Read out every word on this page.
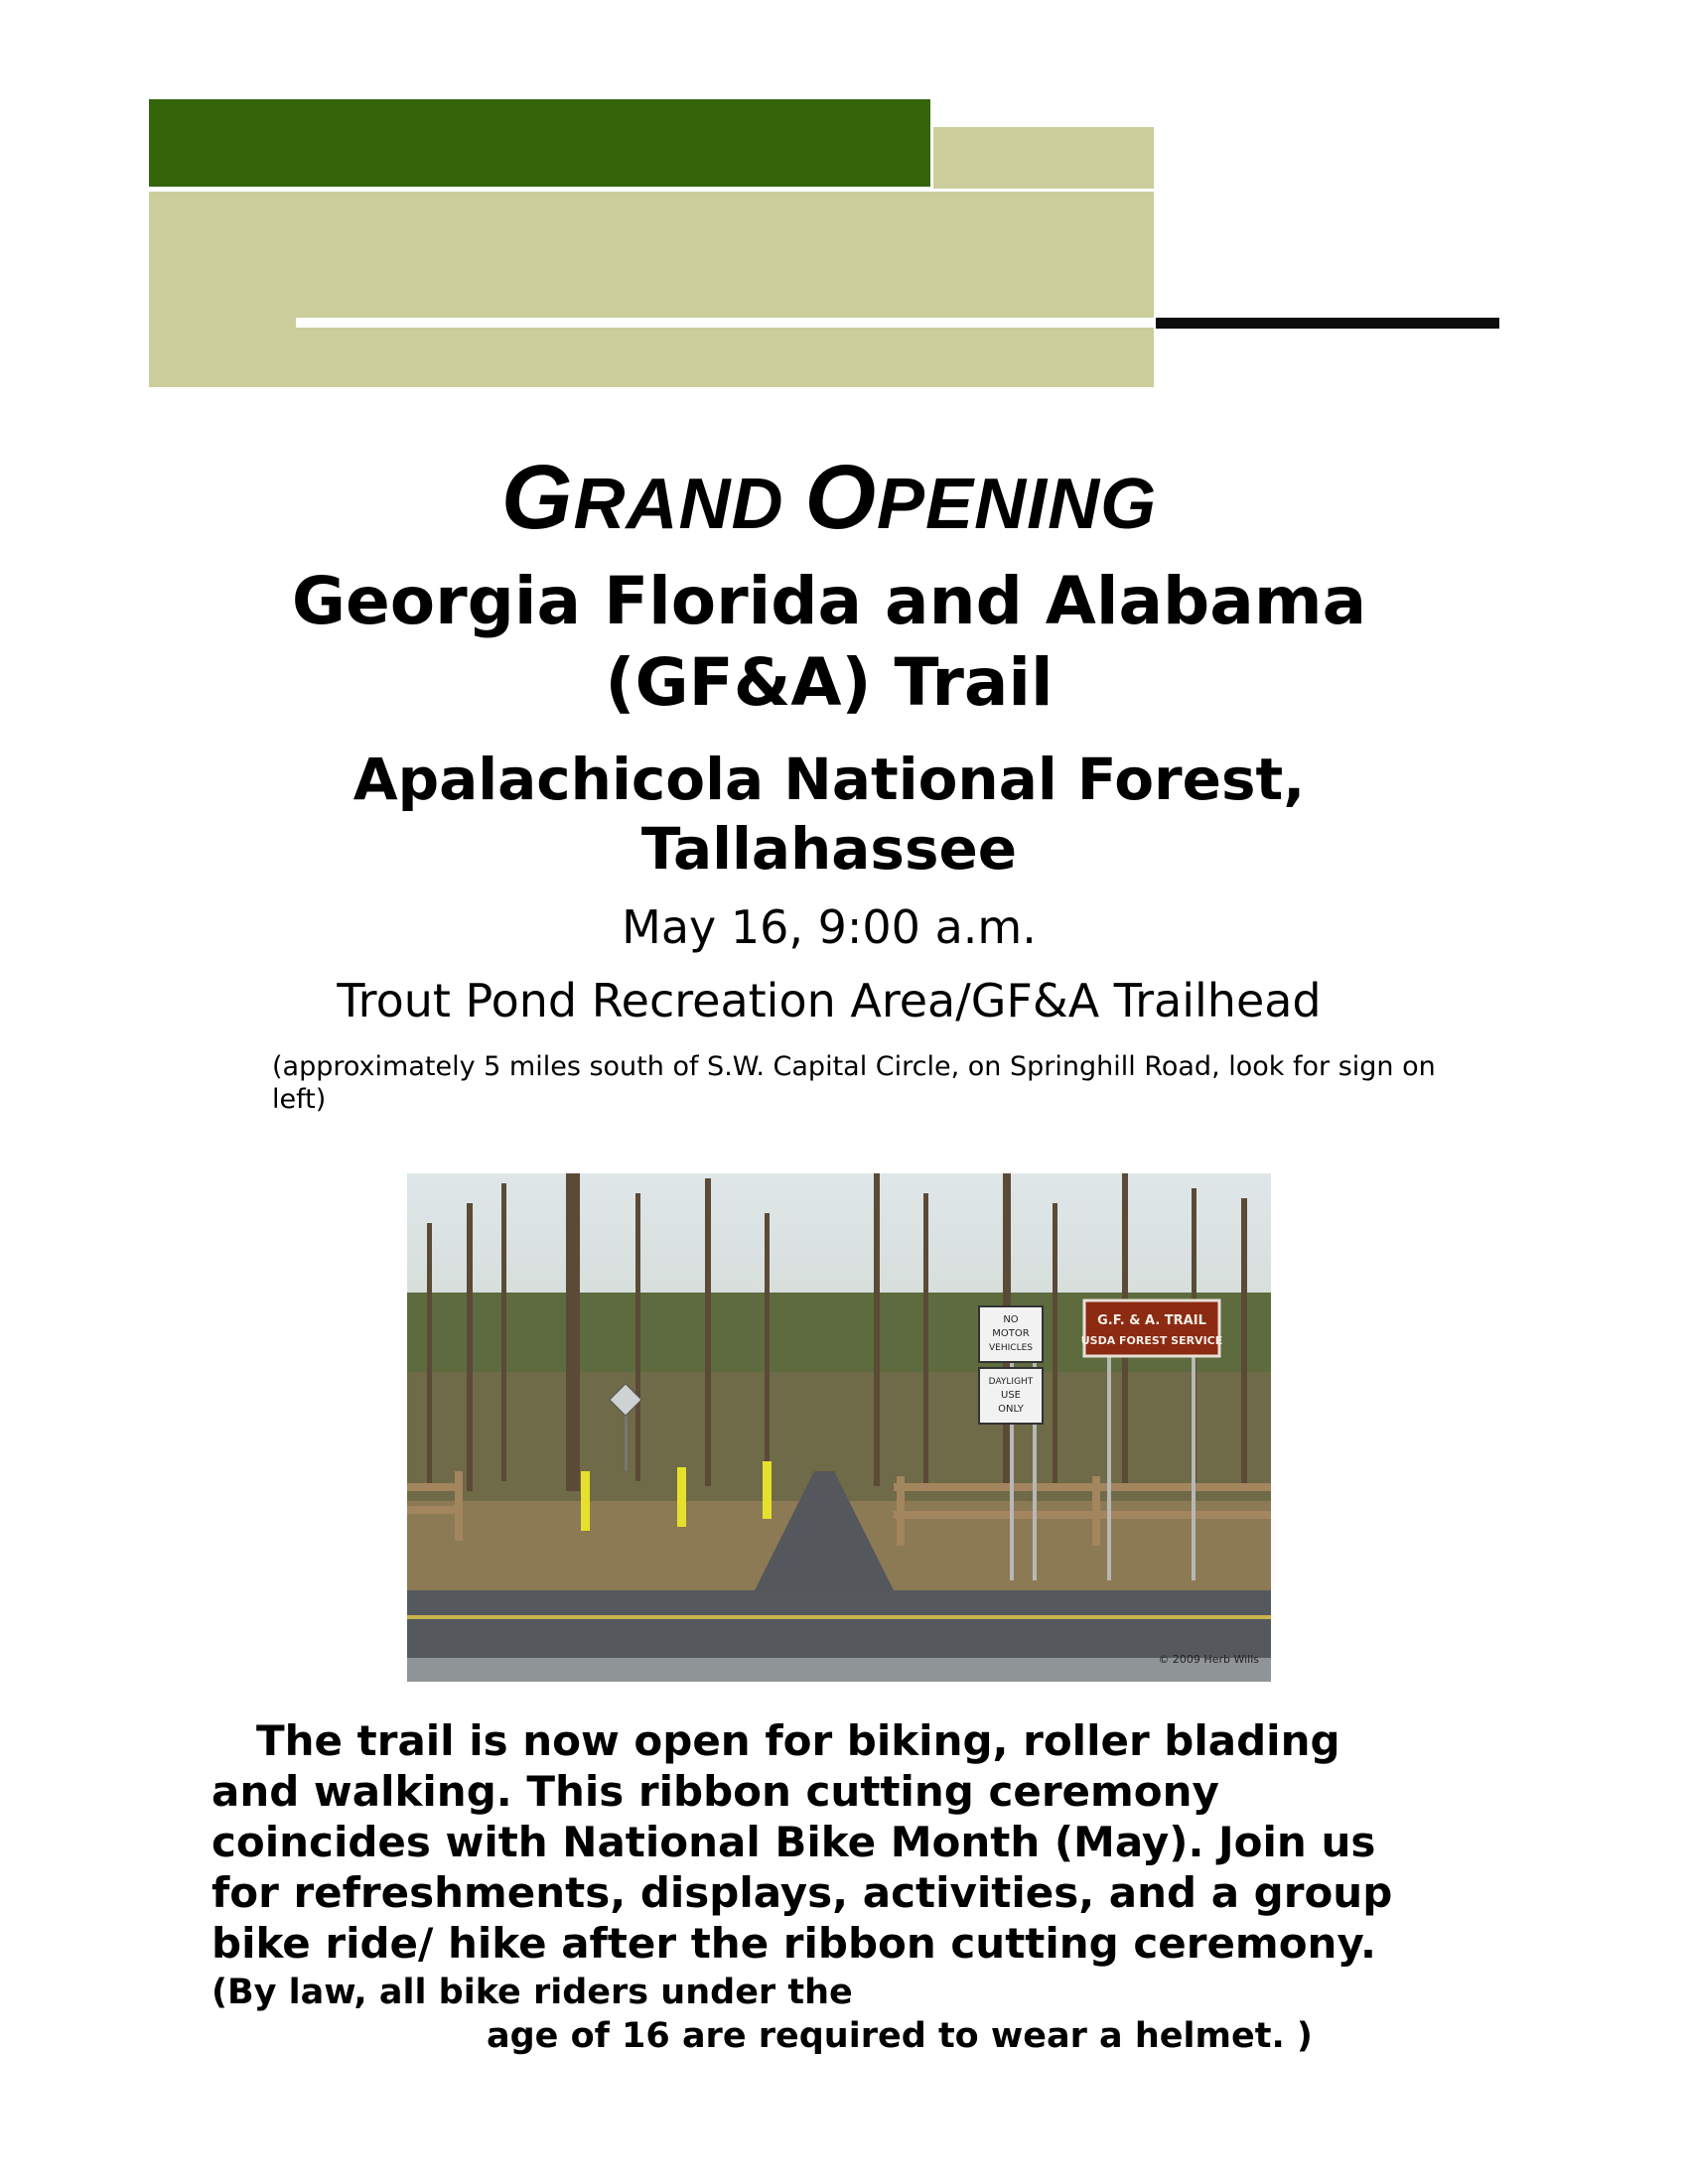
GRAND OPENING
Georgia Florida and Alabama
(GF&A) Trail
Apalachicola National Forest,
Tallahassee
May 16, 9:00 a.m.
Trout Pond Recreation Area/GF&A Trailhead
(approximately 5 miles south of S.W. Capital Circle, on Springhill Road, look for sign on left)
NO
MOTOR
VEHICLES
DAYLIGHT
USE
ONLY
G.F. & A. TRAIL
USDA FOREST SERVICE
© 2009 Herb Wills
The trail is now open for biking, roller blading
and walking. This ribbon cutting ceremony
coincides with National Bike Month (May). Join us
for refreshments, displays, activities, and a group
bike ride/ hike after the ribbon cutting ceremony.
(By law, all bike riders under the
age of 16 are required to wear a helmet. )
